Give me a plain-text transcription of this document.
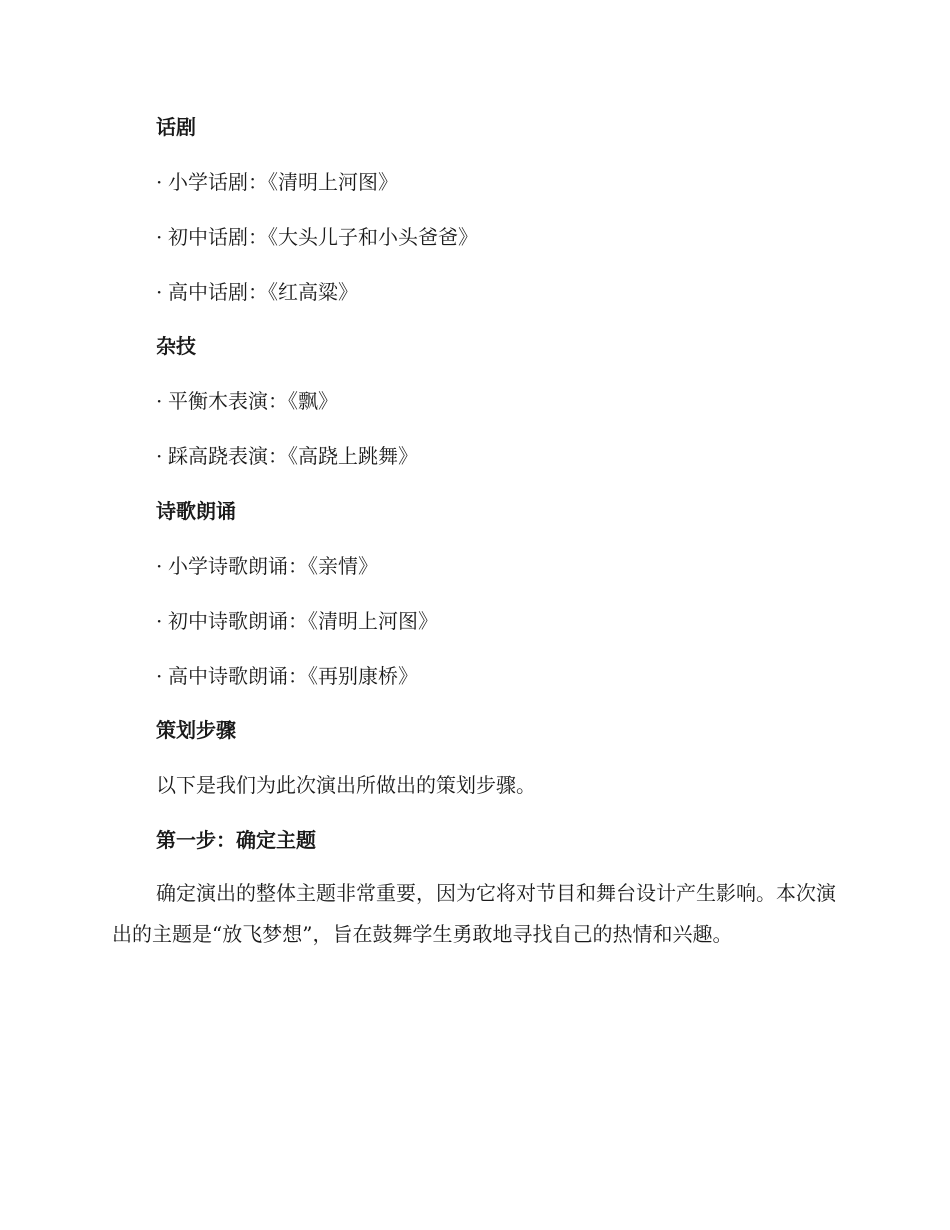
话剧
· 小学话剧：《清明上河图》
· 初中话剧：《大头儿子和小头爸爸》
· 高中话剧：《红高粱》
杂技
· 平衡木表演：《飘》
· 踩高跷表演：《高跷上跳舞》
诗歌朗诵
· 小学诗歌朗诵：《亲情》
· 初中诗歌朗诵：《清明上河图》
· 高中诗歌朗诵：《再别康桥》
策划步骤
以下是我们为此次演出所做出的策划步骤。
第一步：确定主题
确定演出的整体主题非常重要，因为它将对节目和舞台设计产生影响。本次演出的主题是“放飞梦想”，旨在鼓舞学生勇敢地寻找自己的热情和兴趣。
